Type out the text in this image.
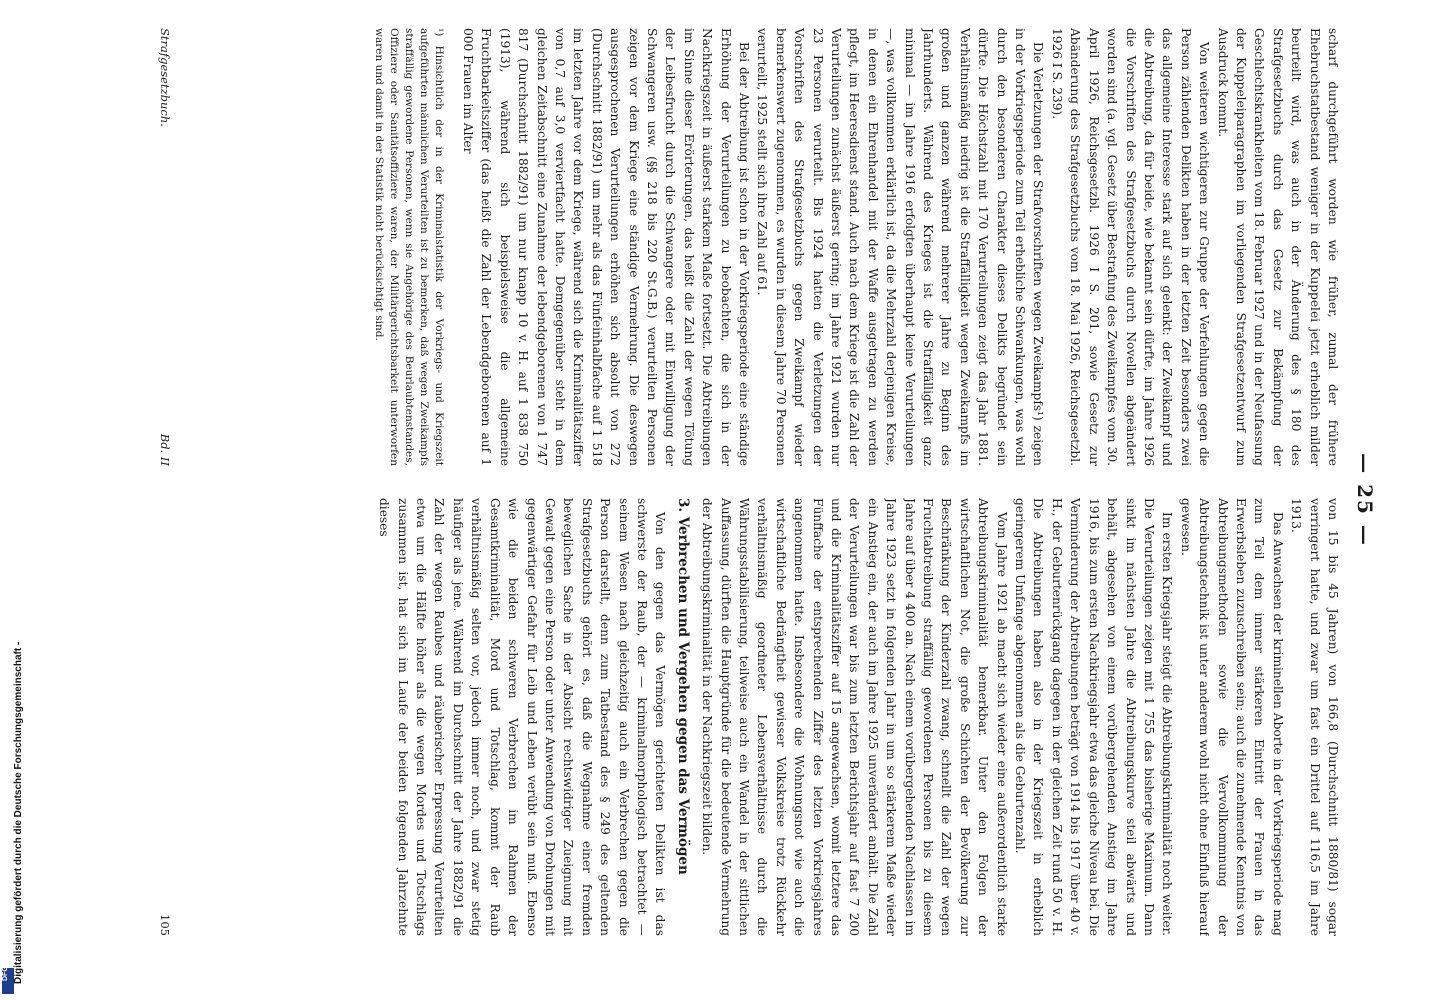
— 25 —

scharf durchgeführt worden wie früher, zumal der frühere Ehebruchstatbestand weniger in der Kuppelei jetzt erheblich milder beurteilt wird, was auch in der Änderung des § 180 des Strafgesetzbuchs durch das Gesetz zur Bekämpfung der Geschlechtskrankheiten vom 18. Februar 1927 und in der Neufassung der Kuppeleiparagraphen im vorliegenden Strafgesetzentwurf zum Ausdruck kommt.

Von weiteren wichtigeren zur Gruppe der Verfehlungen gegen die Person zählenden Delikten haben in der letzten Zeit besonders zwei das allgemeine Interesse stark auf sich gelenkt: der Zweikampf und die Abtreibung, da für beide, wie bekannt sein dürfte, im Jahre 1926 die Vorschriften des Strafgesetzbuchs durch Novellen abgeändert worden sind (a. vgl. Gesetz über Bestrafung des Zweikampfes vom 30. April 1926, Reichsgesetzbl. 1926 I S. 201, sowie Gesetz zur Abänderung des Strafgesetzbuchs vom 18. Mai 1926, Reichsgesetzbl. 1926 I S. 239).

Die Verletzungen der Strafvorschriften wegen Zweikampfs¹) zeigen in der Vorkriegsperiode zum Teil erhebliche Schwankungen, was wohl durch den besonderen Charakter dieses Delikts begründet sein dürfte. Die Höchstzahl mit 170 Verurteilungen zeigt das Jahr 1881. Verhältnismäßig niedrig ist die Straffälligkeit wegen Zweikampfs im großen und ganzen während mehrerer Jahre zu Beginn des Jahrhunderts. Während des Krieges ist die Straffälligkeit ganz minimal — im Jahre 1916 erfolgten überhaupt keine Verurteilungen —, was vollkommen erklärlich ist, da die Mehrzahl derjenigen Kreise, in denen ein Ehrenhandel mit der Waffe ausgetragen zu werden pflegt, im Heeresdienst stand. Auch nach dem Kriege ist die Zahl der Verurteilungen zunächst äußerst gering; im Jahre 1921 wurden nur 23 Personen verurteilt. Bis 1924 hatten die Verletzungen der Vorschriften des Strafgesetzbuchs gegen Zweikampf wieder bemerkenswert zugenommen, es wurden in diesem Jahre 70 Personen verurteilt, 1925 stellt sich ihre Zahl auf 61.

Bei der Abtreibung ist schon in der Vorkriegsperiode eine ständige Erhöhung der Verurteilungen zu beobachten, die sich in der Nachkriegszeit in äußerst starkem Maße fortsetzt. Die Abtreibungen im Sinne dieser Erörterungen, das heißt die Zahl der wegen Tötung der Leibesfrucht durch die Schwangere oder mit Einwilligung der Schwangeren usw. (§§ 218 bis 220 St.G.B.) verurteilten Personen zeigen vor dem Kriege eine ständige Vermehrung. Die deswegen ausgesprochenen Verurteilungen erhöhen sich absolut von 272 (Durchschnitt 1882/91) um mehr als das Fünfeinhalbfache auf 1 518 im letzten Jahre vor dem Kriege, während sich die Kriminalitätsziffer von 0,7 auf 3,0 verviertfacht hatte. Demgegenüber steht in dem gleichen Zeitabschnitt eine Zunahme der lebendgeborenen von 1 747 817 (Durchschnitt 1882/91) um nur knapp 10 v. H. auf 1 838 750 (1913), während sich beispielsweise die allgemeine Fruchtbarkeitsziffer (das heißt die Zahl der Lebendgeborenen auf 1 000 Frauen im Alter

¹) Hinsichtlich der in der Kriminalstatistik der Vorkriegs- und Kriegszeit aufgeführten männlichen Verurteilten ist zu bemerken, daß wegen Zweikampfs straffällig gewordene Personen, wenn sie Angehörige des Beurlaubtenstandes, Offiziere oder Sanitätsoffiziere waren, der Militärgerichtsbarkeit unterworfen waren und damit in der Statistik nicht berücksichtigt sind.

von 15 bis 45 Jahren) von 166,8 (Durchschnitt 1880/81) sogar verringert hatte, und zwar um fast ein Drittel auf 116,5 im Jahre 1913.

Das Anwachsen der kriminellen Aborte in der Vorkriegsperiode mag zum Teil dem immer stärkeren Eintritt der Frauen in das Erwerbsleben zuzuschreiben sein; auch die zunehmende Kenntnis von Abtreibungsmethoden sowie die Vervollkommnung der Abtreibungstechnik ist unter anderem wohl nicht ohne Einfluß hierauf gewesen.

Im ersten Kriegsjahr steigt die Abtreibungskriminalität noch weiter. Die Verurteilungen zeigen mit 1 755 das bisherige Maximum. Dann sinkt im nächsten Jahre die Abtreibungskurve steil abwärts und behält, abgesehen von einem vorübergehenden Anstieg im Jahre 1916, bis zum ersten Nachkriegsjahr etwa das gleiche Niveau bei. Die Verminderung der Abtreibungen beträgt von 1914 bis 1917 über 40 v. H., der Geburtenrückgang dagegen in der gleichen Zeit rund 50 v. H. Die Abtreibungen haben also in der Kriegszeit in erheblich geringerem Umfange abgenommen als die Geburtenzahl.

Vom Jahre 1921 ab macht sich wieder eine außerordentlich starke Abtreibungskriminalität bemerkbar. Unter den Folgen der wirtschaftlichen Not, die große Schichten der Bevölkerung zur Beschränkung der Kinderzahl zwang, schnellt die Zahl der wegen Fruchtabtreibung straffällig gewordenen Personen bis zu diesem Jahre auf über 4 400 an. Nach einem vorübergehenden Nachlassen im Jahre 1923 setzt in folgenden Jahr in um so stärkerem Maße wieder ein Anstieg ein, der auch im Jahre 1925 unverändert anhält. Die Zahl der Verurteilungen war bis zum letzten Berichtsjahr auf fast 7 200 und die Kriminalitätsziffer auf 15 angewachsen, womit letztere das Fünffache der entsprechenden Ziffer des letzten Vorkriegsjahres angenommen hatte. Insbesondere die Wohnungsnot wie auch die wirtschaftliche Bedrängtheit gewisser Volkskreise trotz Rückkehr verhältnismäßig geordneter Lebensverhältnisse durch die Währungsstabilisierung, teilweise auch ein Wandel in der sittlichen Auffassung, dürften die Hauptgründe für die bedeutende Vermehrung der Abtreibungskriminalität in der Nachkriegszeit bilden.

3. Verbrechen und Vergehen gegen das Vermögen

Von den gegen das Vermögen gerichteten Delikten ist das schwerste der Raub, der — kriminalmorphologisch betrachtet — seinem Wesen nach gleichzeitig auch ein Verbrechen gegen die Person darstellt, denn zum Tatbestand des § 249 des geltenden Strafgesetzbuchs gehört es, daß die Wegnahme einer fremden beweglichen Sache in der Absicht rechtswidriger Zueignung mit Gewalt gegen eine Person oder unter Anwendung von Drohungen mit gegenwärtiger Gefahr für Leib und Leben verübt sein muß. Ebenso wie die beiden schweren Verbrechen im Rahmen der Gesamtkriminalität, Mord und Totschlag, kommt der Raub verhältnismäßig selten vor, jedoch immer noch, und zwar stetig häufiger als jene. Während im Durchschnitt der Jahre 1882/91 die Zahl der wegen Raubes und räuberischer Erpressung Verurteilten etwa um die Hälfte höher als die wegen Mordes und Totschlags zusammen ist, hat sich im Laufe der beiden folgenden Jahrzehnte dieses

Strafgesetzbuch.
Bd. II
105
DFG Digitalisierung gefördert durch die Deutsche Forschungsgemeinschaft -
